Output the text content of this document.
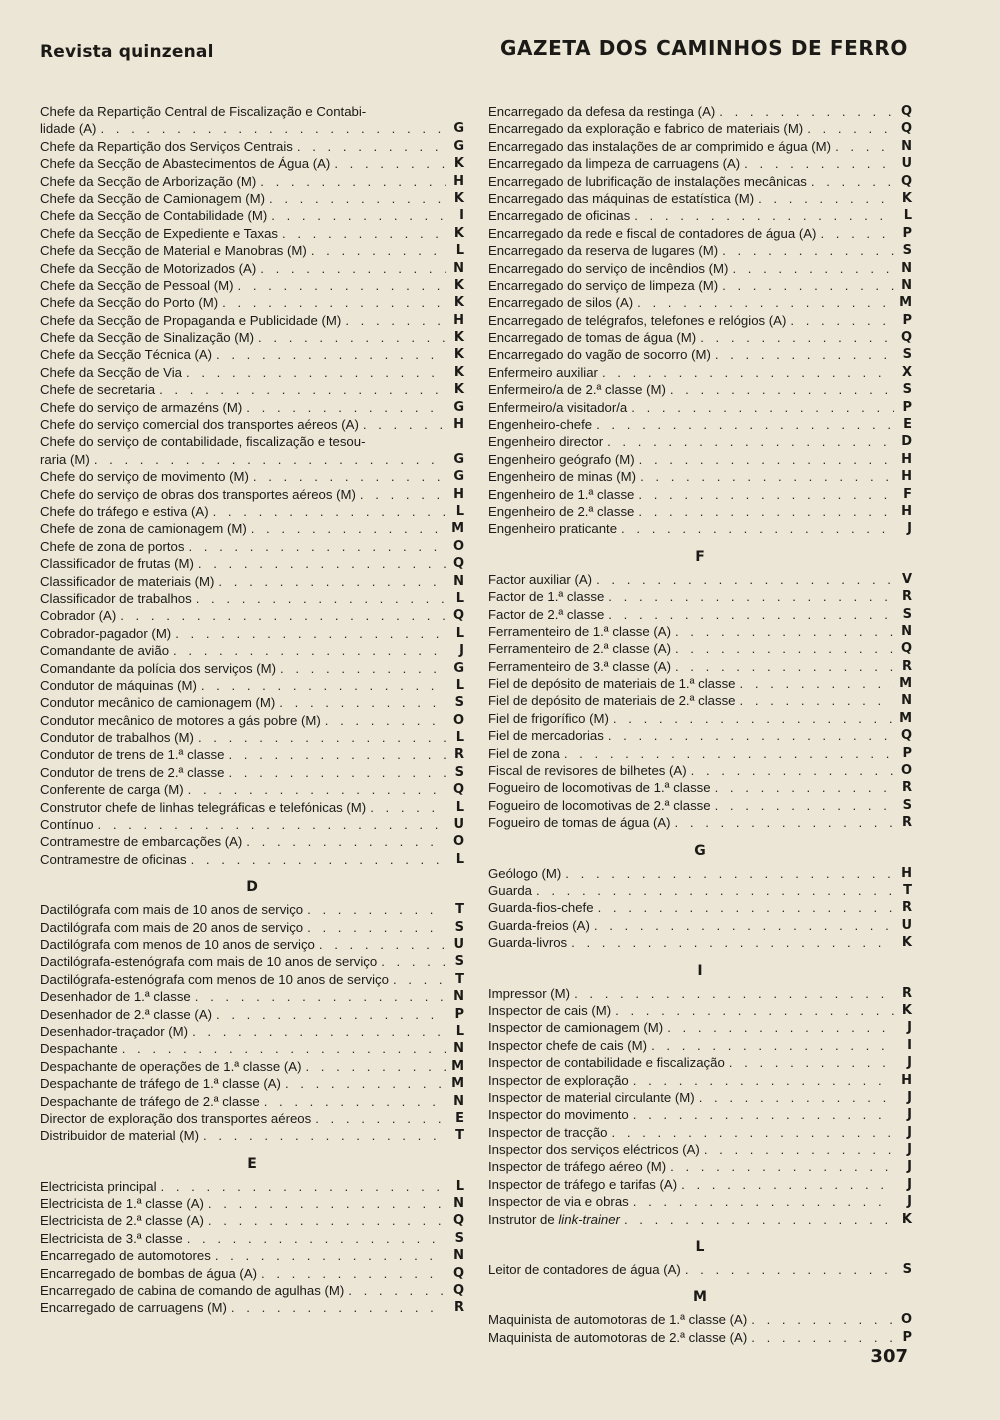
Revista quinzenal	GAZETA DOS CAMINHOS DE FERRO
Chefe da Repartição Central de Fiscalização e Contabi-
lidade (A) . . .	G
Chefe da Repartição dos Serviços Centrais . . .	G
Chefe da Secção de Abastecimentos de Água (A) . . .	K
Chefe da Secção de Arborização (M) . . .	H
Chefe da Secção de Camionagem (M) . . .	K
Chefe da Secção de Contabilidade (M) . . .	I
Chefe da Secção de Expediente e Taxas . . .	K
Chefe da Secção de Material e Manobras (M) . . .	L
Chefe da Secção de Motorizados (A) . . .	N
Chefe da Secção de Pessoal (M) . . .	K
Chefe da Secção do Porto (M) . . .	K
Chefe da Secção de Propaganda e Publicidade (M) . . .	H
Chefe da Secção de Sinalização (M) . . .	K
Chefe da Secção Técnica (A) . . .	K
Chefe da Secção de Via . . .	K
Chefe de secretaria . . .	K
Chefe do serviço de armazéns (M) . . .	G
Chefe do serviço comercial dos transportes aéreos (A) . . .	H
Chefe do serviço de contabilidade, fiscalização e tesou-
raria (M) . . .	G
Chefe do serviço de movimento (M) . . .	G
Chefe do serviço de obras dos transportes aéreos (M) . . .	H
Chefe do tráfego e estiva (A) . . .	L
Chefe de zona de camionagem (M) . . .	M
Chefe de zona de portos . . .	O
Classificador de frutas (M) . . .	Q
Classificador de materiais (M) . . .	N
Classificador de trabalhos . . .	L
Cobrador (A) . . .	Q
Cobrador-pagador (M) . . .	L
Comandante de avião . . .	J
Comandante da polícia dos serviços (M) . . .	G
Condutor de máquinas (M) . . .	L
Condutor mecânico de camionagem (M) . . .	S
Condutor mecânico de motores a gás pobre (M) . . .	O
Condutor de trabalhos (M) . . .	L
Condutor de trens de 1.ª classe . . .	R
Condutor de trens de 2.ª classe . . .	S
Conferente de carga (M) . . .	Q
Construtor chefe de linhas telegráficas e telefónicas (M) . . .	L
Contínuo . . .	U
Contramestre de embarcações (A) . . .	O
Contramestre de oficinas . . .	L
D
Dactilógrafa com mais de 10 anos de serviço . . .	T
Dactilógrafa com mais de 20 anos de serviço . . .	S
Dactilógrafa com menos de 10 anos de serviço . . .	U
Dactilógrafa-estenógrafa com mais de 10 anos de serviço . . .	S
Dactilógrafa-estenógrafa com menos de 10 anos de serviço . . .	T
Desenhador de 1.ª classe . . .	N
Desenhador de 2.ª classe (A) . . .	P
Desenhador-traçador (M) . . .	L
Despachante . . .	N
Despachante de operações de 1.ª classe (A) . . .	M
Despachante de tráfego de 1.ª classe (A) . . .	M
Despachante de tráfego de 2.ª classe . . .	N
Director de exploração dos transportes aéreos . . .	E
Distribuidor de material (M) . . .	T
E
Electricista principal . . .	L
Electricista de 1.ª classe (A) . . .	N
Electricista de 2.ª classe (A) . . .	Q
Electricista de 3.ª classe . . .	S
Encarregado de automotores . . .	N
Encarregado de bombas de água (A) . . .	Q
Encarregado de cabina de comando de agulhas (M) . . .	Q
Encarregado de carruagens (M) . . .	R
Encarregado da defesa da restinga (A) . . .	Q
Encarregado da exploração e fabrico de materiais (M) . . .	Q
Encarregado das instalações de ar comprimido e água (M) . . .	N
Encarregado da limpeza de carruagens (A) . . .	U
Encarregado de lubrificação de instalações mecânicas . . .	Q
Encarregado das máquinas de estatística (M) . . .	K
Encarregado de oficinas . . .	L
Encarregado da rede e fiscal de contadores de água (A) . . .	P
Encarregado da reserva de lugares (M) . . .	S
Encarregado do serviço de incêndios (M) . . .	N
Encarregado do serviço de limpeza (M) . . .	N
Encarregado de silos (A) . . .	M
Encarregado de telégrafos, telefones e relógios (A) . . .	P
Encarregado de tomas de água (M) . . .	Q
Encarregado do vagão de socorro (M) . . .	S
Enfermeiro auxiliar . . .	X
Enfermeiro/a de 2.ª classe (M) . . .	S
Enfermeiro/a visitador/a . . .	P
Engenheiro-chefe . . .	E
Engenheiro director . . .	D
Engenheiro geógrafo (M) . . .	H
Engenheiro de minas (M) . . .	H
Engenheiro de 1.ª classe . . .	F
Engenheiro de 2.ª classe . . .	H
Engenheiro praticante . . .	J
F
Factor auxiliar (A) . . .	V
Factor de 1.ª classe . . .	R
Factor de 2.ª classe . . .	S
Ferramenteiro de 1.ª classe (A) . . .	N
Ferramenteiro de 2.ª classe (A) . . .	Q
Ferramenteiro de 3.ª classe (A) . . .	R
Fiel de depósito de materiais de 1.ª classe . . .	M
Fiel de depósito de materiais de 2.ª classe . . .	N
Fiel de frigorífico (M) . . .	M
Fiel de mercadorias . . .	Q
Fiel de zona . . .	P
Fiscal de revisores de bilhetes (A) . . .	O
Fogueiro de locomotivas de 1.ª classe . . .	R
Fogueiro de locomotivas de 2.ª classe . . .	S
Fogueiro de tomas de água (A) . . .	R
G
Geólogo (M) . . .	H
Guarda . . .	T
Guarda-fios-chefe . . .	R
Guarda-freios (A) . . .	U
Guarda-livros . . .	K
I
Impressor (M) . . .	R
Inspector de cais (M) . . .	K
Inspector de camionagem (M) . . .	J
Inspector chefe de cais (M) . . .	I
Inspector de contabilidade e fiscalização . . .	J
Inspector de exploração . . .	H
Inspector de material circulante (M) . . .	J
Inspector do movimento . . .	J
Inspector de tracção . . .	J
Inspector dos serviços eléctricos (A) . . .	J
Inspector de tráfego aéreo (M) . . .	J
Inspector de tráfego e tarifas (A) . . .	J
Inspector de via e obras . . .	J
Instrutor de link-trainer . . .	K
L
Leitor de contadores de água (A) . . .	S
M
Maquinista de automotoras de 1.ª classe (A) . . .	O
Maquinista de automotoras de 2.ª classe (A) . . .	P
307
